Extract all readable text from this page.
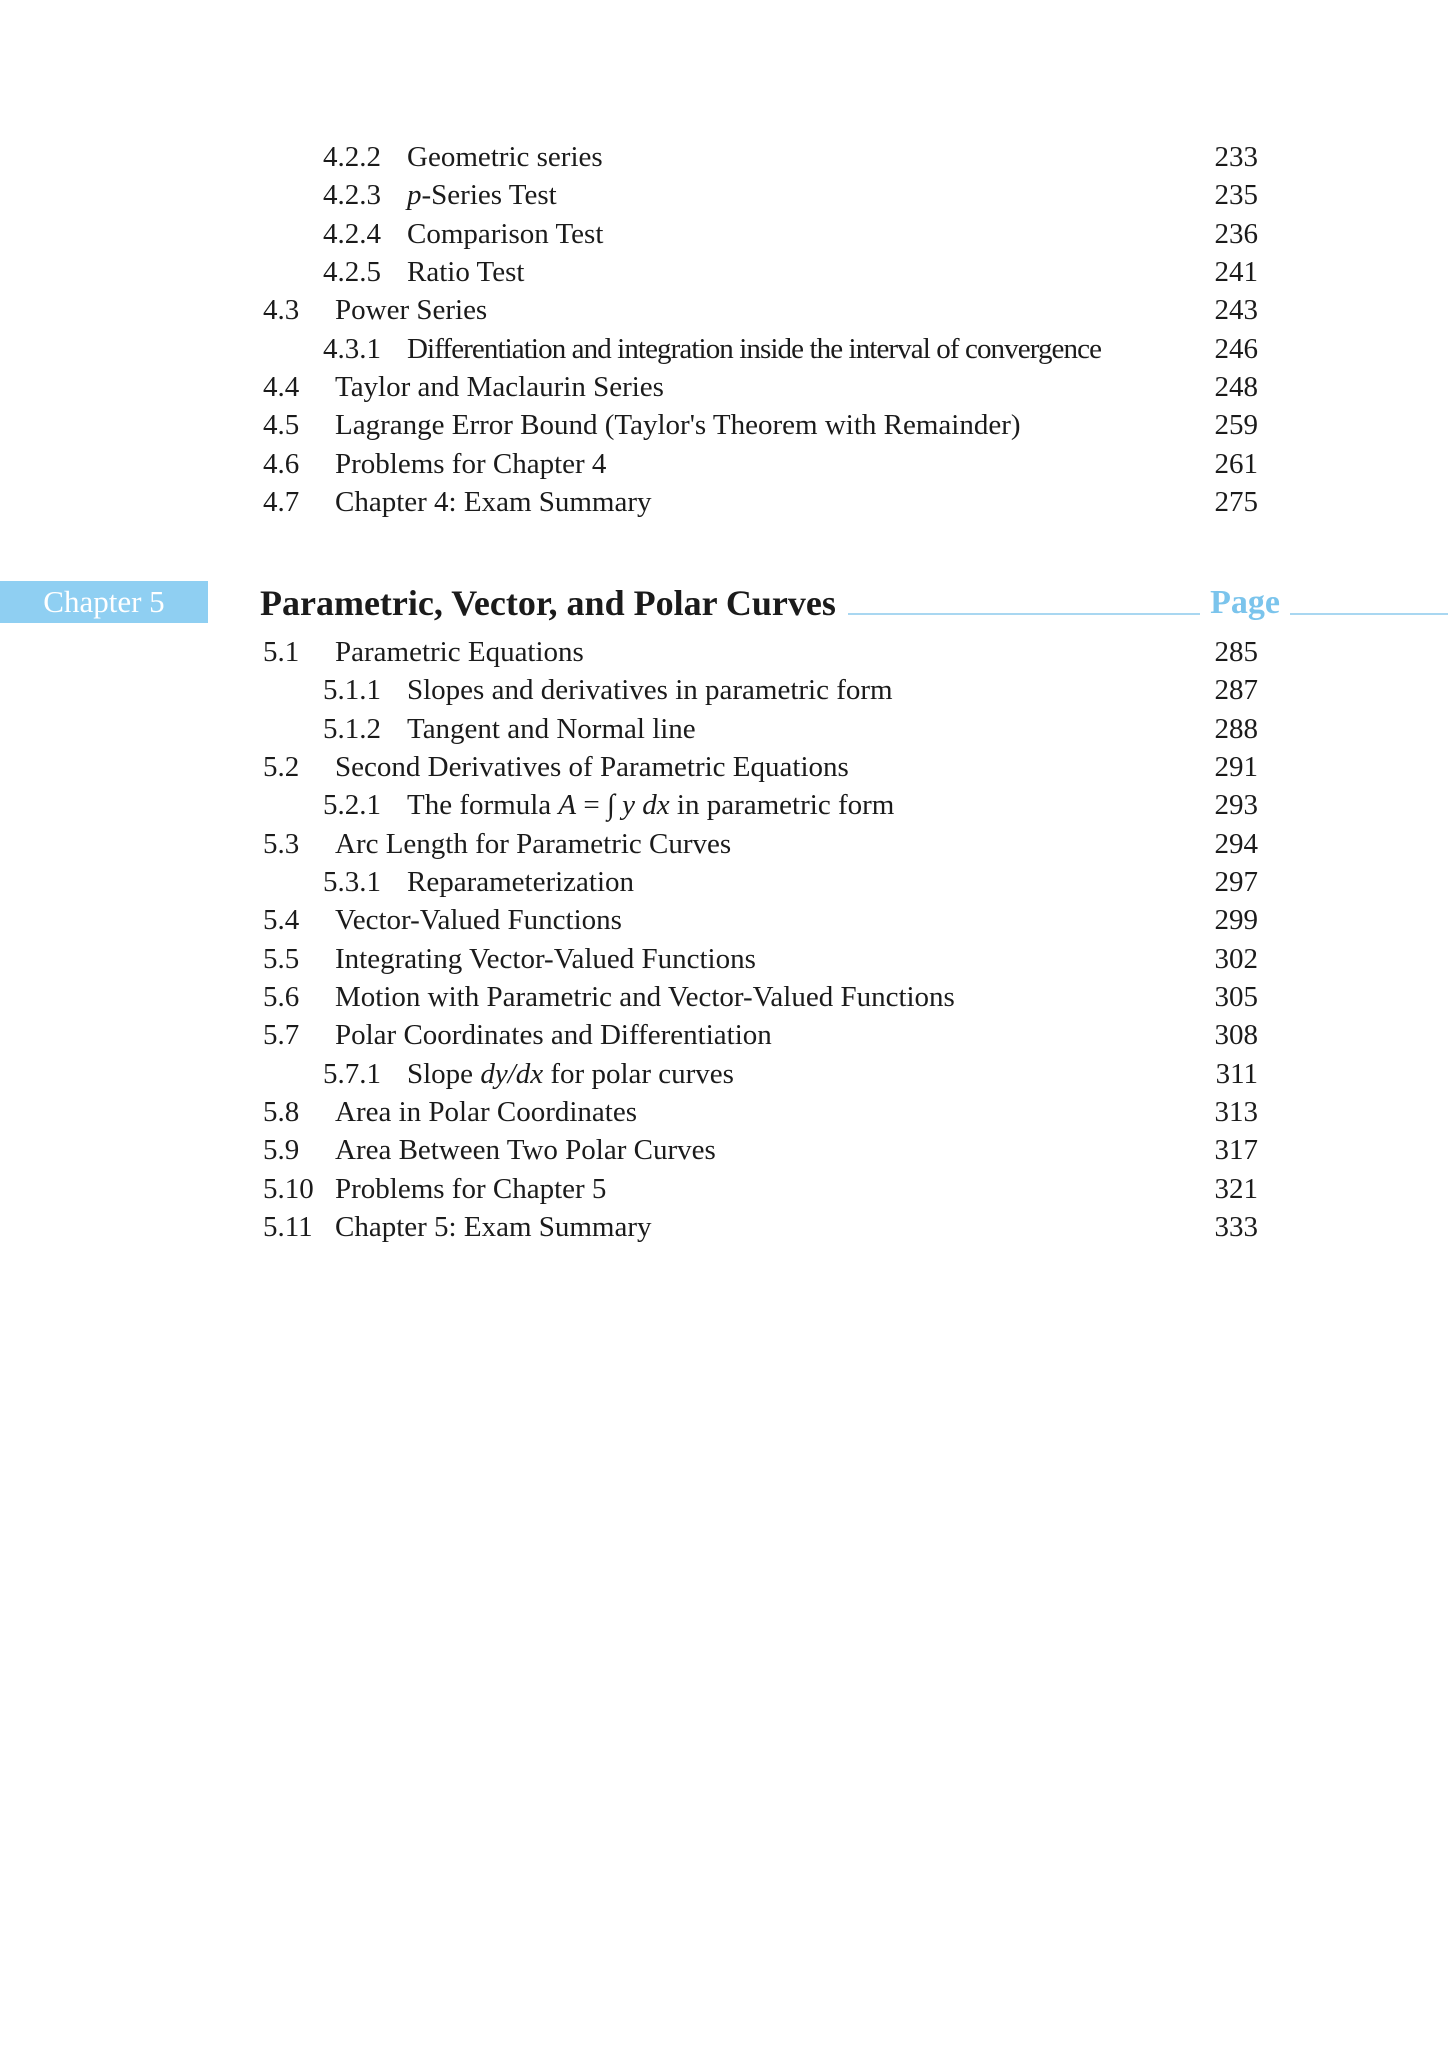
4.2.2 Geometric series	233
4.2.3 p-Series Test	235
4.2.4 Comparison Test	236
4.2.5 Ratio Test	241
4.3	Power Series	243
4.3.1 Differentiation and integration inside the interval of convergence	246
4.4	Taylor and Maclaurin Series	248
4.5	Lagrange Error Bound (Taylor's Theorem with Remainder)	259
4.6	Problems for Chapter 4	261
4.7	Chapter 4: Exam Summary	275
Chapter 5	Parametric, Vector, and Polar Curves	Page
5.1	Parametric Equations	285
5.1.1 Slopes and derivatives in parametric form	287
5.1.2 Tangent and Normal line	288
5.2	Second Derivatives of Parametric Equations	291
5.2.1 The formula A = ∫ y dx in parametric form	293
5.3	Arc Length for Parametric Curves	294
5.3.1 Reparameterization	297
5.4	Vector-Valued Functions	299
5.5	Integrating Vector-Valued Functions	302
5.6	Motion with Parametric and Vector-Valued Functions	305
5.7	Polar Coordinates and Differentiation	308
5.7.1 Slope dy/dx for polar curves	311
5.8	Area in Polar Coordinates	313
5.9	Area Between Two Polar Curves	317
5.10 Problems for Chapter 5	321
5.11 Chapter 5: Exam Summary	333
